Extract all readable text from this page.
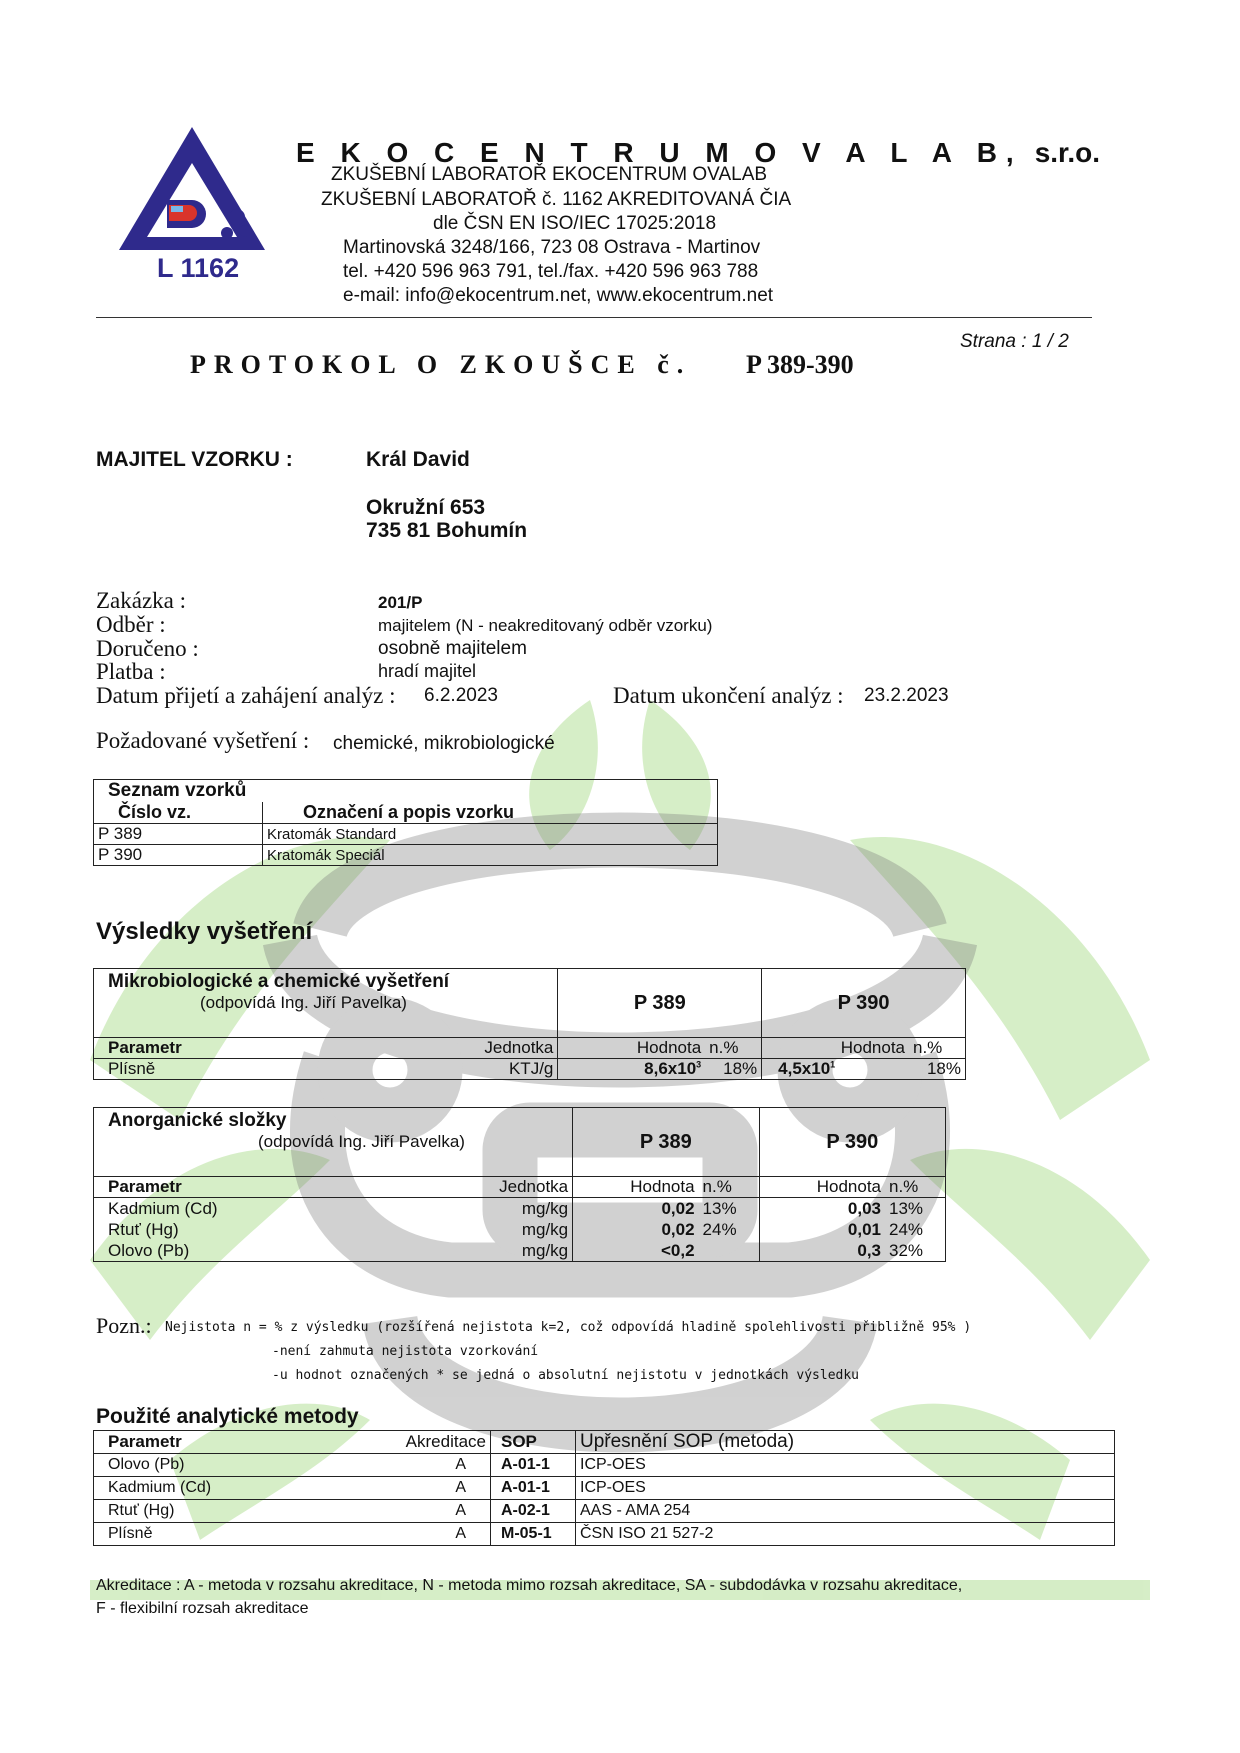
L 1162
E K O C E N T R U M O V A L A B, s.r.o.
ZKUŠEBNÍ LABORATOŘ EKOCENTRUM OVALAB
ZKUŠEBNÍ LABORATOŘ č. 1162 AKREDITOVANÁ ČIA
dle ČSN EN ISO/IEC 17025:2018
Martinovská 3248/166, 723 08 Ostrava - Martinov
tel. +420 596 963 791, tel./fax. +420 596 963 788
e-mail: info@ekocentrum.net, www.ekocentrum.net
Strana : 1 / 2
PROTOKOL O ZKOUŠCE č. P 389-390
MAJITEL VZORKU :	Král David
Okružní 653
735 81 Bohumín
Zakázka :	201/P
Odběr :	majitelem (N - neakreditovaný odběr vzorku)
Doručeno :	osobně majitelem
Platba :	hradí majitel
Datum přijetí a zahájení analýz : 6.2.2023	Datum ukončení analýz : 23.2.2023
Požadované vyšetření : chemické, mikrobiologické
Seznam vzorků	
Číslo vz.	Označení a popis vzorku
P 389	Kratomák Standard
P 390	Kratomák Speciál
Výsledky vyšetření
Mikrobiologické a chemické vyšetření
(odpovídá Ing. Jiří Pavelka)		P 389		P 390	
Parametr	Jednotka	Hodnota	n.%	Hodnota	n.%
Plísně	KTJ/g	$8,6x10^3$	18%	$4,5x10^1$	18%
Anorganické složky
(odpovídá Ing. Jiří Pavelka)		P 389		P 390	
Parametr	Jednotka	Hodnota	n.%	Hodnota	n.%
Kadmium (Cd)	mg/kg	0,02	13%	0,03	13%
Rtuť (Hg)	mg/kg	0,02	24%	0,01	24%
Olovo (Pb)	mg/kg	<0,2		0,3	32%
Pozn.: Nejistota n = % z výsledku (rozšířená nejistota k=2, což odpovídá hladině spolehlivosti přibližně 95% )
-není zahmuta nejistota vzorkování
-u hodnot označených * se jedná o absolutní nejistotu v jednotkách výsledku
Použité analytické metody
Parametr	Akreditace	SOP	Upřesnění SOP (metoda)
Olovo (Pb)	A	A-01-1	ICP-OES
Kadmium (Cd)	A	A-01-1	ICP-OES
Rtuť (Hg)	A	A-02-1	AAS - AMA 254
Plísně	A	M-05-1	ČSN ISO 21 527-2
Akreditace : A - metoda v rozsahu akreditace, N - metoda mimo rozsah akreditace, SA - subdodávka v rozsahu akreditace,
F - flexibilní rozsah akreditace
